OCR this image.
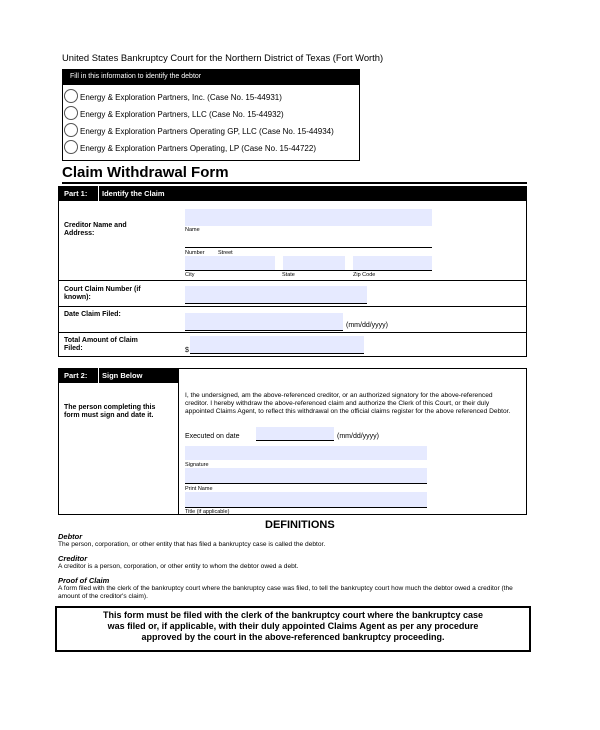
United States Bankruptcy Court for the Northern District of Texas (Fort Worth)
Fill in this information to identify the debtor
Energy & Exploration Partners, Inc. (Case No. 15-44931)
Energy & Exploration Partners, LLC (Case No. 15-44932)
Energy & Exploration Partners Operating GP, LLC (Case No. 15-44934)
Energy & Exploration Partners Operating, LP (Case No. 15-44722)
Claim Withdrawal Form
Part 1: Identify the Claim
Creditor Name and Address:	Name
Number Street
City	State	Zip Code
Court Claim Number (if known):
Date Claim Filed:
(mm/dd/yyyy)
Total Amount of Claim Filed:	$
Part 2: Sign Below
The person completing this form must sign and date it.
I, the undersigned, am the above-referenced creditor, or an authorized signatory for the above-referenced creditor. I hereby withdraw the above-referenced claim and authorize the Clerk of this Court, or their duly appointed Claims Agent, to reflect this withdrawal on the official claims register for the above referenced Debtor.
Executed on date	(mm/dd/yyyy)
Signature
Print Name
Title (if applicable)
DEFINITIONS
Debtor
The person, corporation, or other entity that has filed a bankruptcy case is called the debtor.
Creditor
A creditor is a person, corporation, or other entity to whom the debtor owed a debt.
Proof of Claim
A form filed with the clerk of the bankruptcy court where the bankruptcy case was filed, to tell the bankruptcy court how much the debtor owed a creditor (the amount of the creditor's claim).
This form must be filed with the clerk of the bankruptcy court where the bankruptcy case
was filed or, if applicable, with their duly appointed Claims Agent as per any procedure
approved by the court in the above-referenced bankruptcy proceeding.
